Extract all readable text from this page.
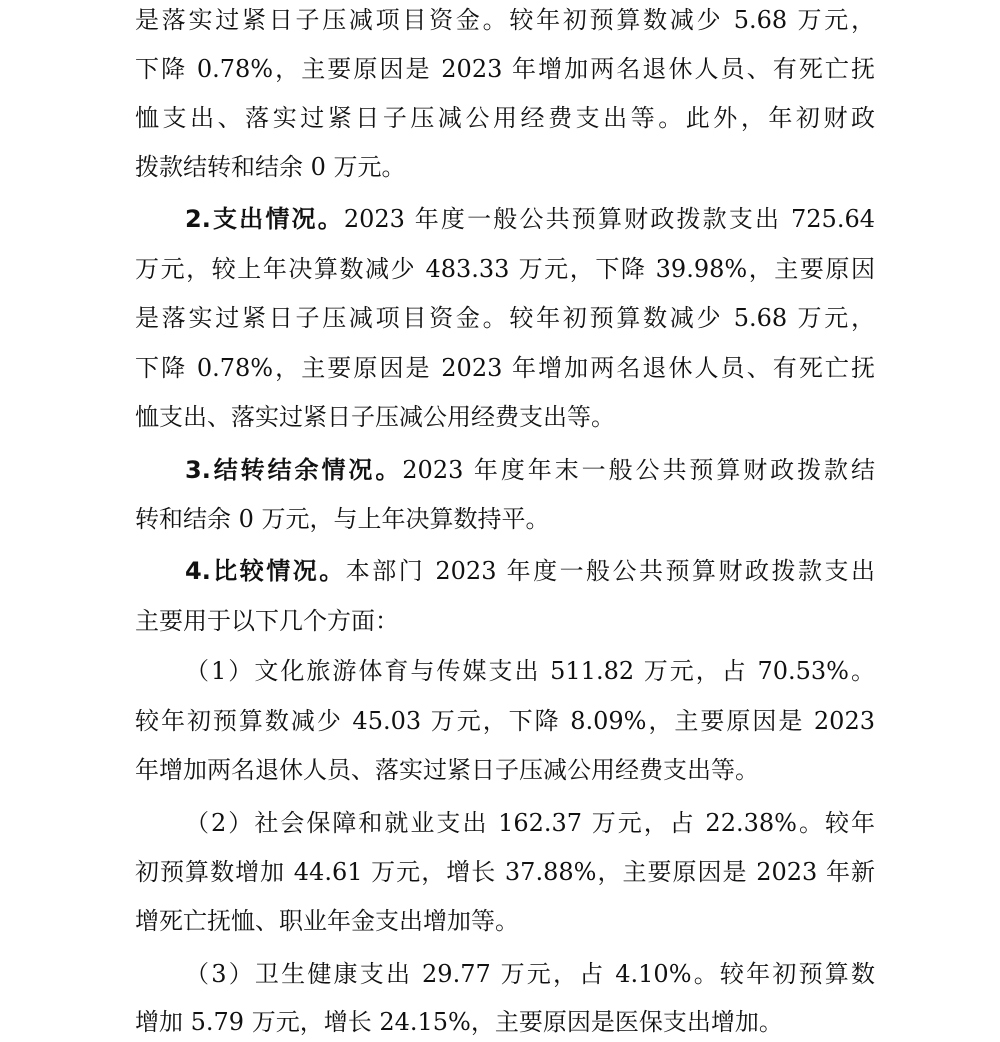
是落实过紧日子压减项目资金。较年初预算数减少 5.68 万元，
下降 0.78%，主要原因是 2023 年增加两名退休人员、有死亡抚
恤支出、落实过紧日子压减公用经费支出等。此外，年初财政
拨款结转和结余 0 万元。
2.支出情况。2023 年度一般公共预算财政拨款支出 725.64
万元，较上年决算数减少 483.33 万元，下降 39.98%，主要原因
是落实过紧日子压减项目资金。较年初预算数减少 5.68 万元，
下降 0.78%，主要原因是 2023 年增加两名退休人员、有死亡抚
恤支出、落实过紧日子压减公用经费支出等。
3.结转结余情况。2023 年度年末一般公共预算财政拨款结
转和结余 0 万元，与上年决算数持平。
4.比较情况。本部门 2023 年度一般公共预算财政拨款支出
主要用于以下几个方面：
（1）文化旅游体育与传媒支出 511.82 万元，占 70.53%。
较年初预算数减少 45.03 万元，下降 8.09%，主要原因是 2023
年增加两名退休人员、落实过紧日子压减公用经费支出等。
（2）社会保障和就业支出 162.37 万元，占 22.38%。较年
初预算数增加 44.61 万元，增长 37.88%，主要原因是 2023 年新
增死亡抚恤、职业年金支出增加等。
（3）卫生健康支出 29.77 万元，占 4.10%。较年初预算数
增加 5.79 万元，增长 24.15%，主要原因是医保支出增加。
